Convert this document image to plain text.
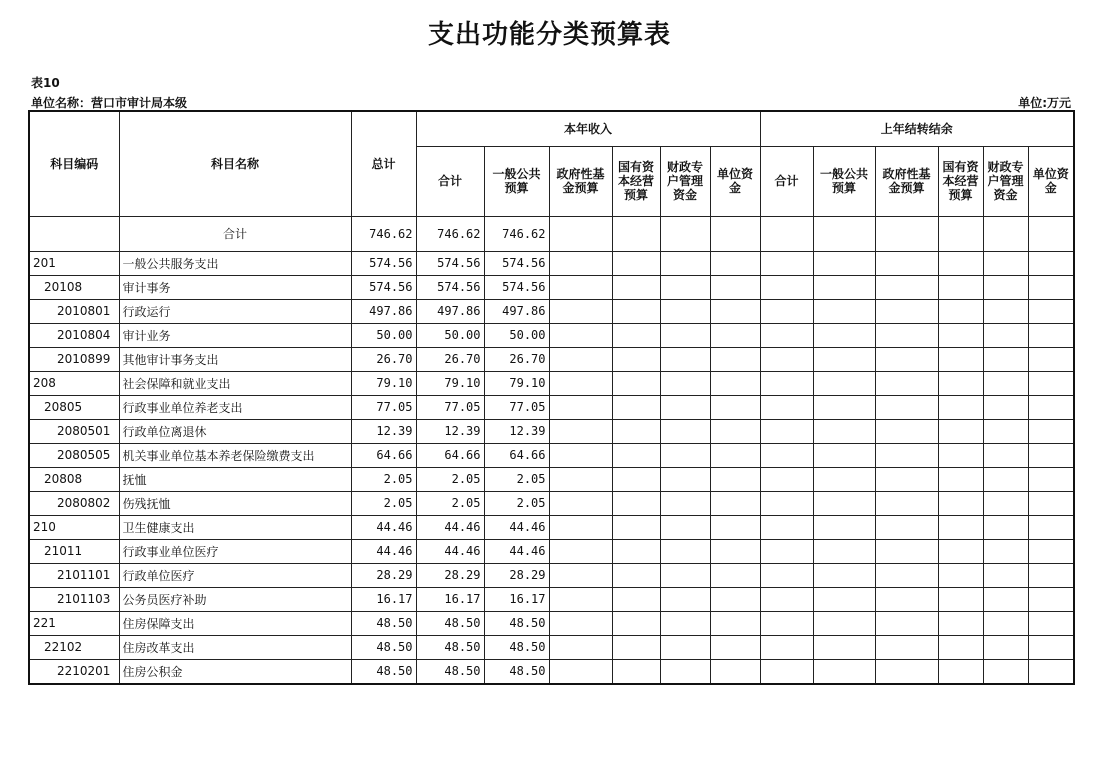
支出功能分类预算表
表10
单位名称：营口市审计局本级	单位:万元
科目编码	科目名称	总计	本年收入						上年结转结余					
			合计	一般公共预算	政府性基金预算	国有资本经营预算	财政专户管理资金	单位资金	合计	一般公共预算	政府性基金预算	国有资本经营预算	财政专户管理资金	单位资金
	合计	746.62	746.62	746.62										
201	一般公共服务支出	574.56	574.56	574.56										
20108	审计事务	574.56	574.56	574.56										
2010801	行政运行	497.86	497.86	497.86										
2010804	审计业务	50.00	50.00	50.00										
2010899	其他审计事务支出	26.70	26.70	26.70										
208	社会保障和就业支出	79.10	79.10	79.10										
20805	行政事业单位养老支出	77.05	77.05	77.05										
2080501	行政单位离退休	12.39	12.39	12.39										
2080505	机关事业单位基本养老保险缴费支出	64.66	64.66	64.66										
20808	抚恤	2.05	2.05	2.05										
2080802	伤残抚恤	2.05	2.05	2.05										
210	卫生健康支出	44.46	44.46	44.46										
21011	行政事业单位医疗	44.46	44.46	44.46										
2101101	行政单位医疗	28.29	28.29	28.29										
2101103	公务员医疗补助	16.17	16.17	16.17										
221	住房保障支出	48.50	48.50	48.50										
22102	住房改革支出	48.50	48.50	48.50										
2210201	住房公积金	48.50	48.50	48.50										
